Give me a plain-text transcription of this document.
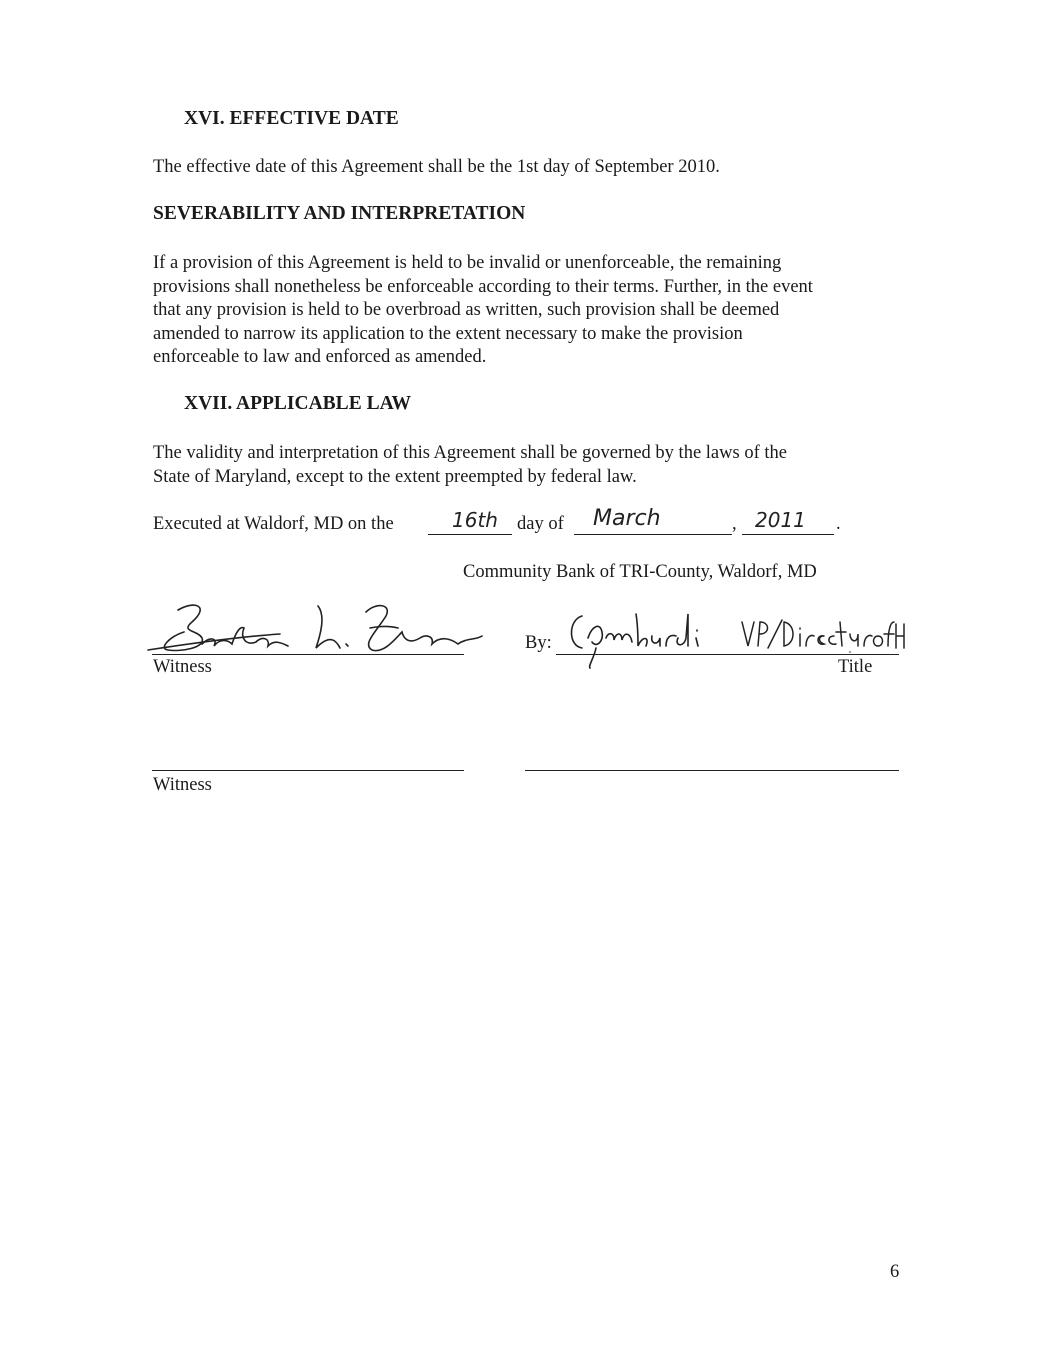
XVI. EFFECTIVE DATE
The effective date of this Agreement shall be the 1st day of September 2010.
SEVERABILITY AND INTERPRETATION
If a provision of this Agreement is held to be invalid or unenforceable, the remaining
provisions shall nonetheless be enforceable according to their terms. Further, in the event
that any provision is held to be overbroad as written, such provision shall be deemed
amended to narrow its application to the extent necessary to make the provision
enforceable to law and enforced as amended.
XVII. APPLICABLE LAW
The validity and interpretation of this Agreement shall be governed by the laws of the
State of Maryland, except to the extent preempted by federal law.
Executed at Waldorf, MD on the	16th day of March	, 2011 .
Community Bank of TRI-County, Waldorf, MD
Witness
By:
Title
Witness
6
